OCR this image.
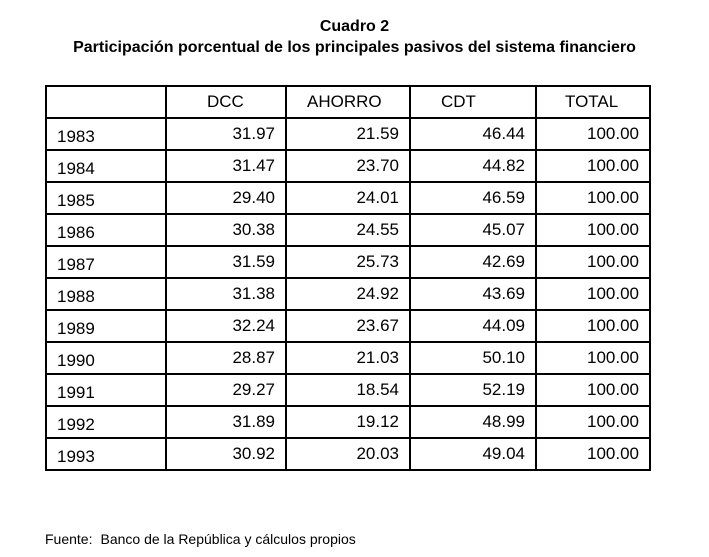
Cuadro 2
Participación porcentual de los principales pasivos del sistema financiero
	DCC	AHORRO	CDT	TOTAL
1983	31.97	21.59	46.44	100.00
1984	31.47	23.70	44.82	100.00
1985	29.40	24.01	46.59	100.00
1986	30.38	24.55	45.07	100.00
1987	31.59	25.73	42.69	100.00
1988	31.38	24.92	43.69	100.00
1989	32.24	23.67	44.09	100.00
1990	28.87	21.03	50.10	100.00
1991	29.27	18.54	52.19	100.00
1992	31.89	19.12	48.99	100.00
1993	30.92	20.03	49.04	100.00
Fuente: Banco de la República y cálculos propios
